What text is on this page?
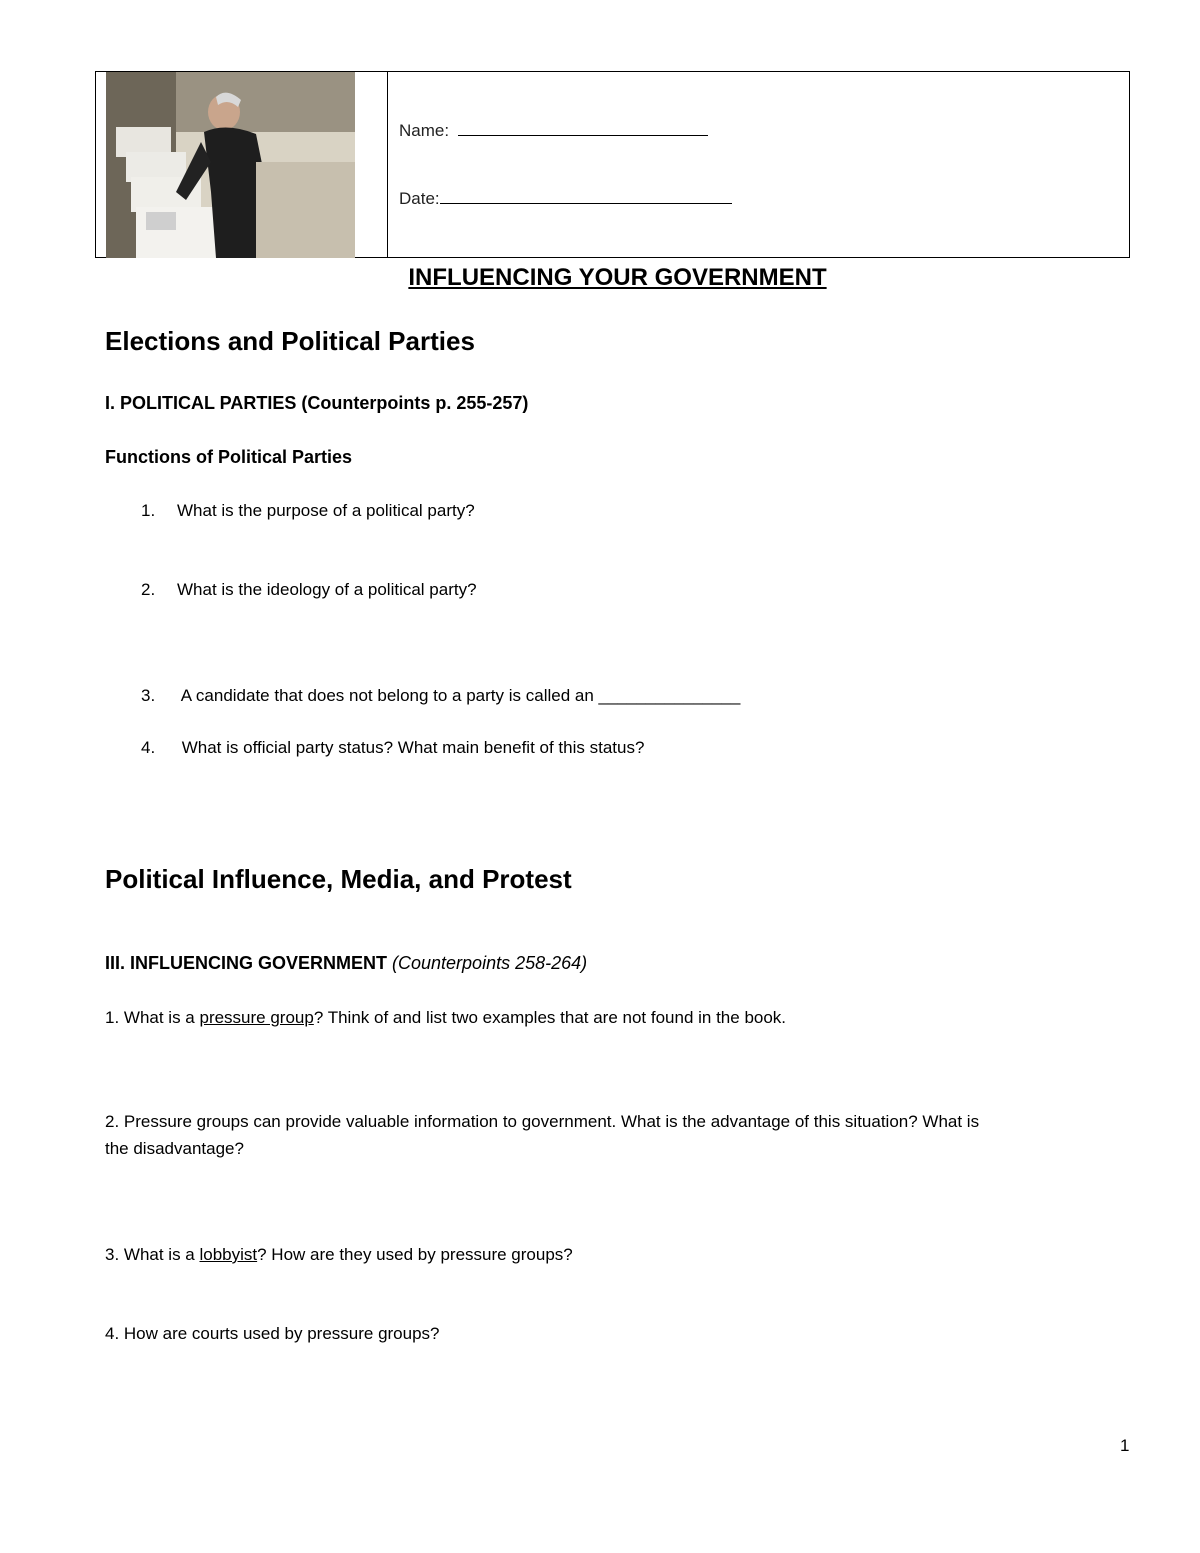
Name:
Date:
INFLUENCING YOUR GOVERNMENT
Elections and Political Parties
I. POLITICAL PARTIES (Counterpoints p. 255-257)
Functions of Political Parties
1. What is the purpose of a political party?
2. What is the ideology of a political party?
3. A candidate that does not belong to a party is called an _______________
4. What is official party status? What main benefit of this status?
Political Influence, Media, and Protest
III. INFLUENCING GOVERNMENT (Counterpoints 258-264)
1. What is a pressure group? Think of and list two examples that are not found in the book.
2. Pressure groups can provide valuable information to government. What is the advantage of this situation? What is
the disadvantage?
3. What is a lobbyist? How are they used by pressure groups?
4. How are courts used by pressure groups?
1
